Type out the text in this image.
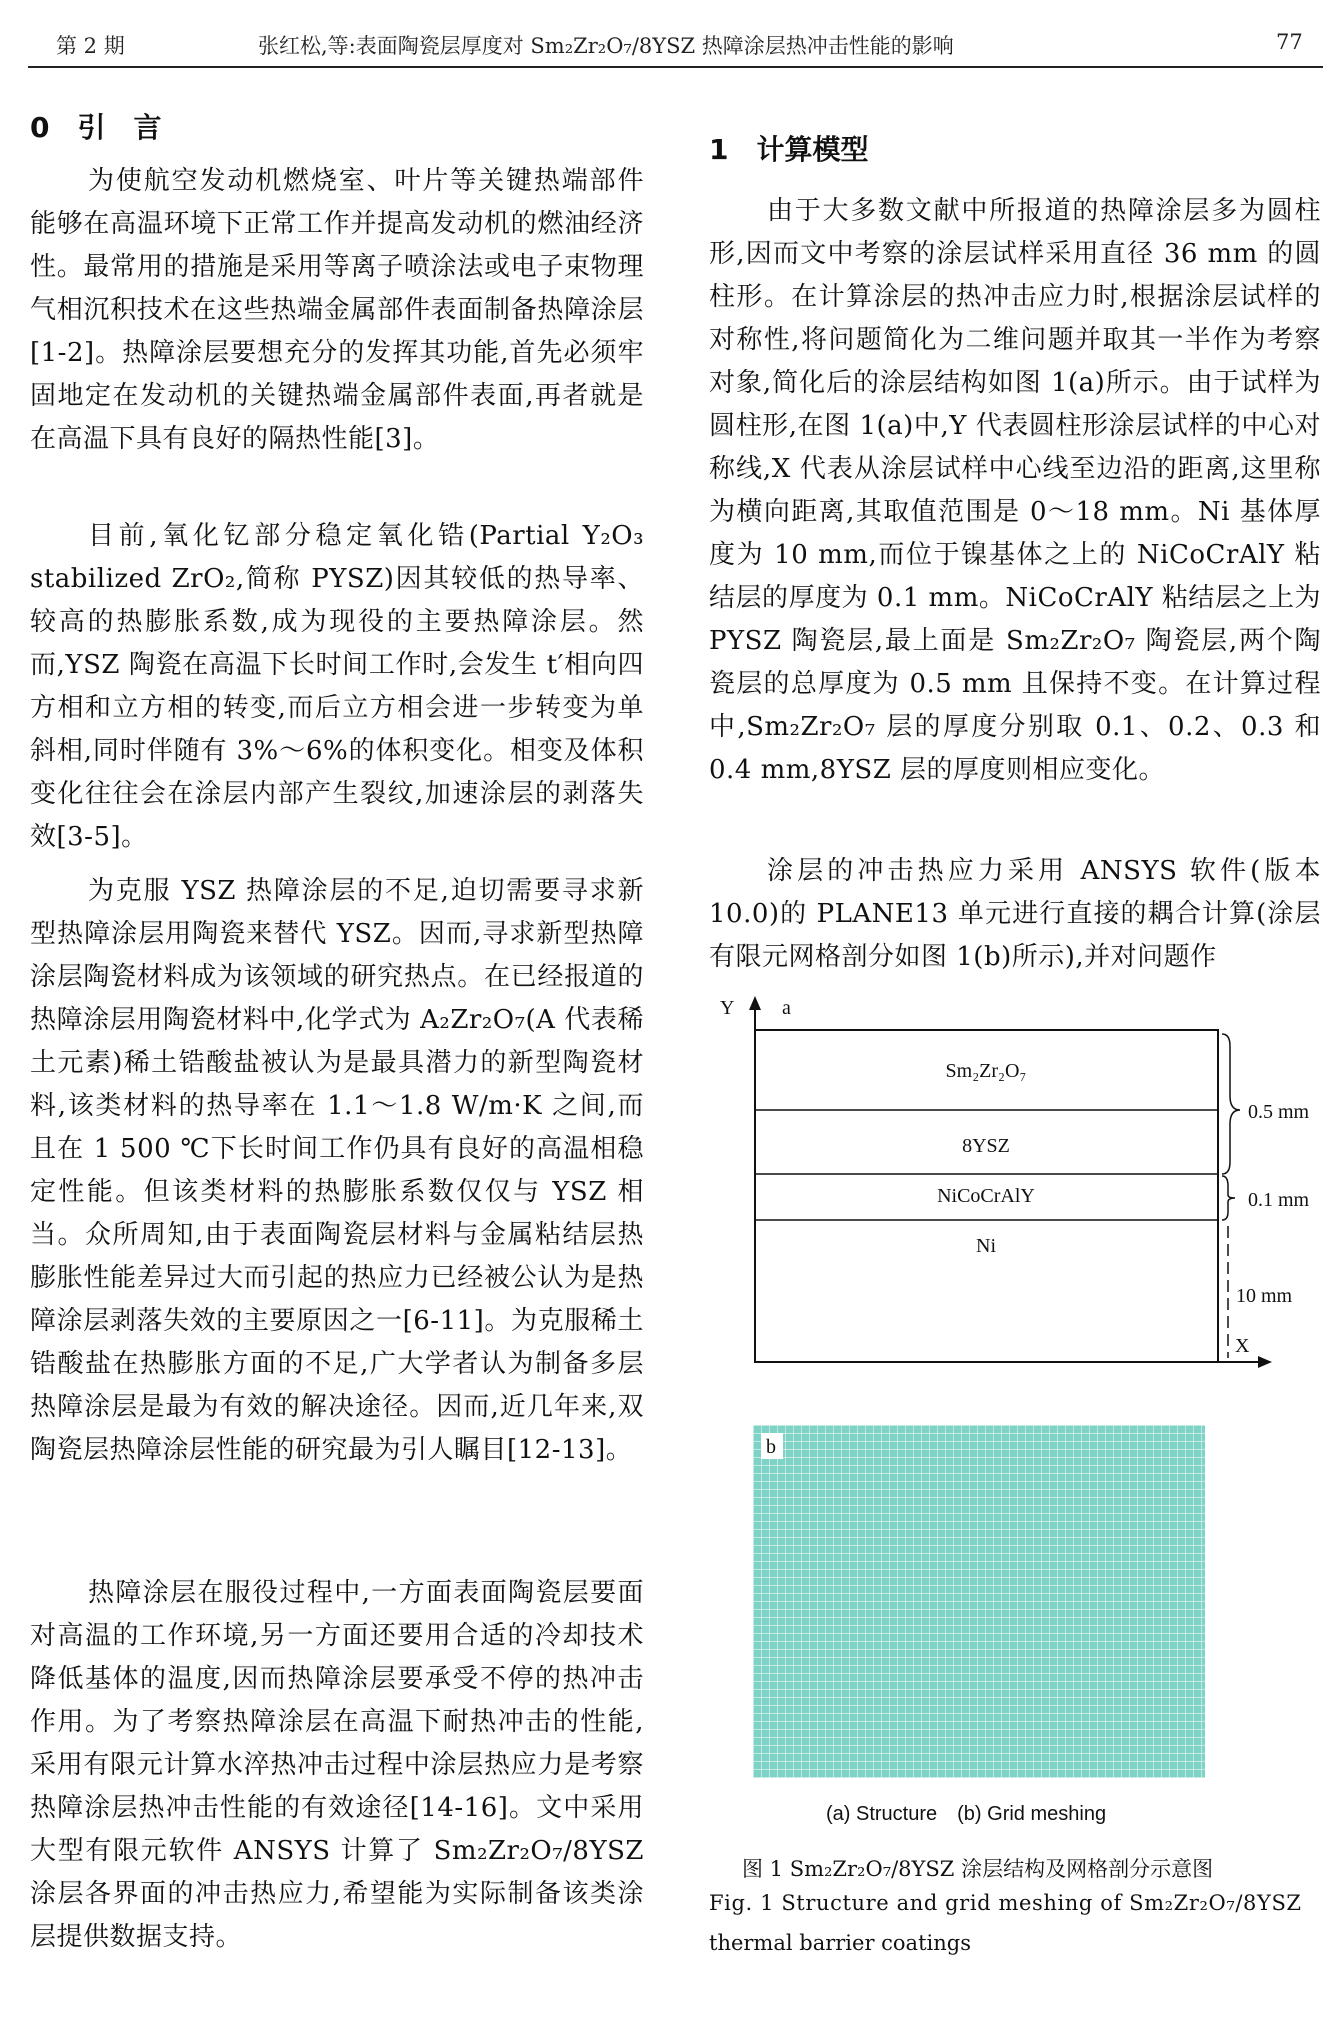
第 2 期	张红松,等:表面陶瓷层厚度对 Sm₂Zr₂O₇/8YSZ 热障涂层热冲击性能的影响	77
0　引　言

为使航空发动机燃烧室、叶片等关键热端部件能够在高温环境下正常工作并提高发动机的燃油经济性。最常用的措施是采用等离子喷涂法或电子束物理气相沉积技术在这些热端金属部件表面制备热障涂层[1-2]。热障涂层要想充分的发挥其功能,首先必须牢固地定在发动机的关键热端金属部件表面,再者就是在高温下具有良好的隔热性能[3]。

目前,氧化钇部分稳定氧化锆(Partial Y₂O₃ stabilized ZrO₂,简称 PYSZ)因其较低的热导率、较高的热膨胀系数,成为现役的主要热障涂层。然而,YSZ 陶瓷在高温下长时间工作时,会发生 t′相向四方相和立方相的转变,而后立方相会进一步转变为单斜相,同时伴随有 3%～6%的体积变化。相变及体积变化往往会在涂层内部产生裂纹,加速涂层的剥落失效[3-5]。

为克服 YSZ 热障涂层的不足,迫切需要寻求新型热障涂层用陶瓷来替代 YSZ。因而,寻求新型热障涂层陶瓷材料成为该领域的研究热点。在已经报道的热障涂层用陶瓷材料中,化学式为 A₂Zr₂O₇(A 代表稀土元素)稀土锆酸盐被认为是最具潜力的新型陶瓷材料,该类材料的热导率在 1.1～1.8 W/m·K 之间,而且在 1 500 ℃下长时间工作仍具有良好的高温相稳定性能。但该类材料的热膨胀系数仅仅与 YSZ 相当。众所周知,由于表面陶瓷层材料与金属粘结层热膨胀性能差异过大而引起的热应力已经被公认为是热障涂层剥落失效的主要原因之一[6-11]。为克服稀土锆酸盐在热膨胀方面的不足,广大学者认为制备多层热障涂层是最为有效的解决途径。因而,近几年来,双陶瓷层热障涂层性能的研究最为引人瞩目[12-13]。

热障涂层在服役过程中,一方面表面陶瓷层要面对高温的工作环境,另一方面还要用合适的冷却技术降低基体的温度,因而热障涂层要承受不停的热冲击作用。为了考察热障涂层在高温下耐热冲击的性能,采用有限元计算水淬热冲击过程中涂层热应力是考察热障涂层热冲击性能的有效途径[14-16]。文中采用大型有限元软件 ANSYS 计算了 Sm₂Zr₂O₇/8YSZ 涂层各界面的冲击热应力,希望能为实际制备该类涂层提供数据支持。

1　计算模型

由于大多数文献中所报道的热障涂层多为圆柱形,因而文中考察的涂层试样采用直径 36 mm 的圆柱形。在计算涂层的热冲击应力时,根据涂层试样的对称性,将问题简化为二维问题并取其一半作为考察对象,简化后的涂层结构如图 1(a)所示。由于试样为圆柱形,在图 1(a)中,Y 代表圆柱形涂层试样的中心对称线,X 代表从涂层试样中心线至边沿的距离,这里称为横向距离,其取值范围是 0～18 mm。Ni 基体厚度为 10 mm,而位于镍基体之上的 NiCoCrAlY 粘结层的厚度为 0.1 mm。NiCoCrAlY 粘结层之上为 PYSZ 陶瓷层,最上面是 Sm₂Zr₂O₇ 陶瓷层,两个陶瓷层的总厚度为 0.5 mm 且保持不变。在计算过程中,Sm₂Zr₂O₇ 层的厚度分别取 0.1、0.2、0.3 和 0.4 mm,8YSZ 层的厚度则相应变化。

涂层的冲击热应力采用 ANSYS 软件(版本 10.0)的 PLANE13 单元进行直接的耦合计算(涂层有限元网格剖分如图 1(b)所示),并对问题作

Y a
X
Sm₂Zr₂O₇
8YSZ
NiCoCrAlY
Ni
0.5 mm
0.1 mm
10 mm
b

(a) Structure　(b) Grid meshing

图 1 Sm₂Zr₂O₇/8YSZ 涂层结构及网格剖分示意图

Fig. 1 Structure and grid meshing of Sm₂Zr₂O₇/8YSZ

thermal barrier coatings
